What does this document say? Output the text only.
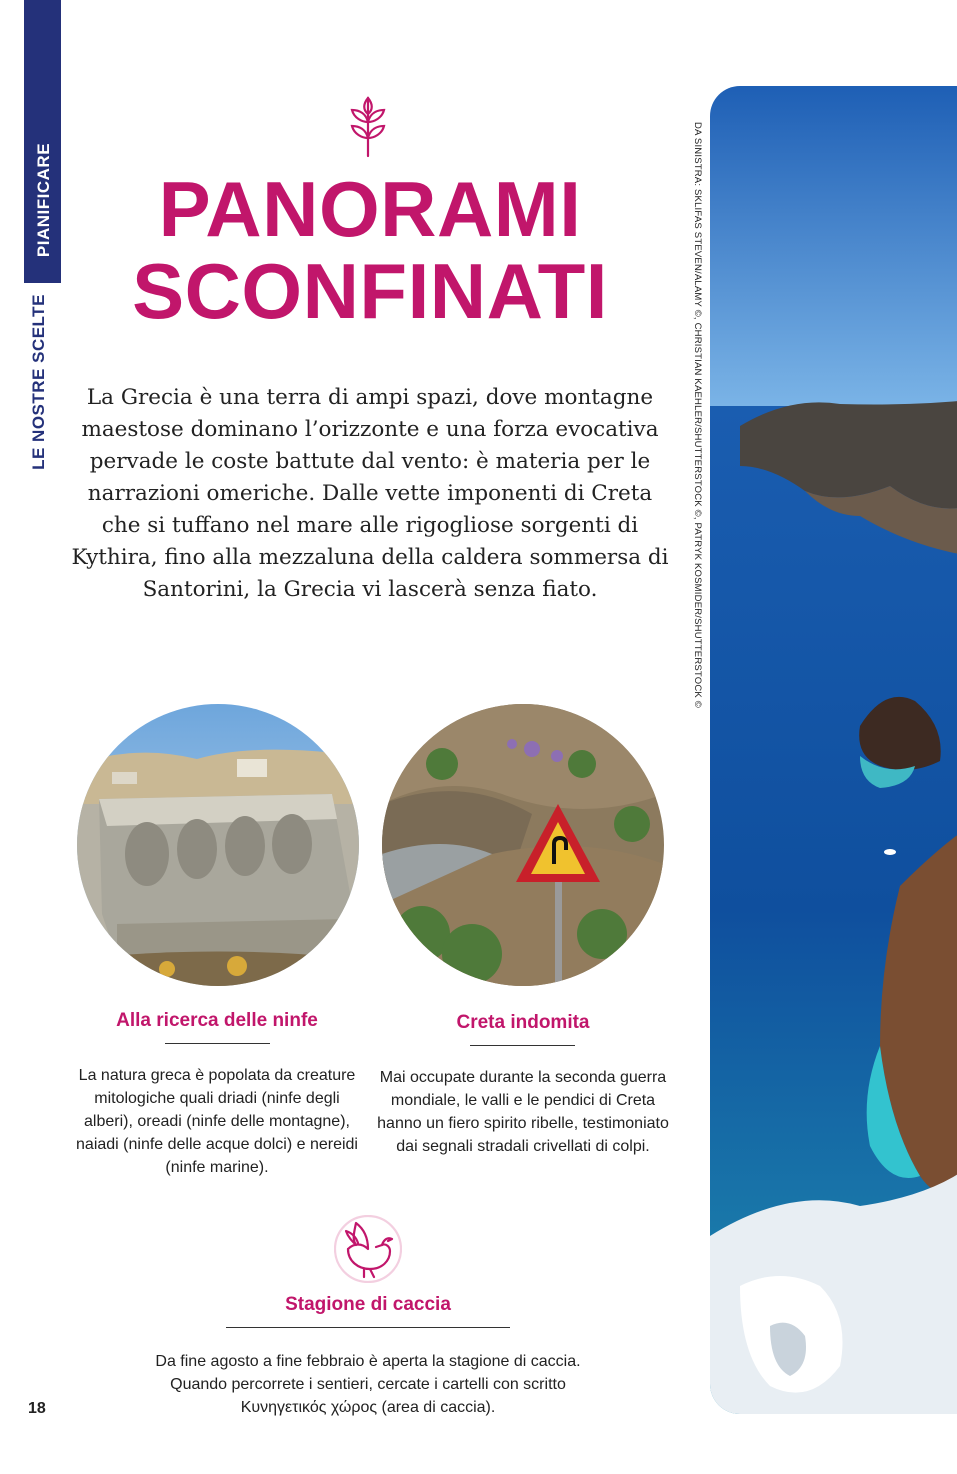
PIANIFICARE
LE NOSTRE SCELTE
PANORAMI
SCONFINATI
La Grecia è una terra di ampi spazi, dove montagne maestose dominano l’orizzonte e una forza evocativa pervade le coste battute dal vento: è materia per le narrazioni omeriche. Dalle vette imponenti di Creta che si tuffano nel mare alle rigogliose sorgenti di Kythira, fino alla mezzaluna della caldera sommersa di Santorini, la Grecia vi lascerà senza fiato.
Alla ricerca delle ninfe
La natura greca è popolata da creature mitologiche quali driadi (ninfe degli alberi), oreadi (ninfe delle montagne), naiadi (ninfe delle acque dolci) e nereidi (ninfe marine).
Creta indomita
Mai occupate durante la seconda guerra mondiale, le valli e le pendici di Creta hanno un fiero spirito ribelle, testimoniato dai segnali stradali crivellati di colpi.
Stagione di caccia
Da fine agosto a fine febbraio è aperta la stagione di caccia.
Quando percorrete i sentieri, cercate i cartelli con scritto
Κυνηγετικός χώρος (area di caccia).
18
DA SINISTRA: SKLIFAS STEVEN/ALAMY ©, CHRISTIAN KAEHLER/SHUTTERSTOCK ©, PATRYK KOSMIDER/SHUTTERSTOCK ©
